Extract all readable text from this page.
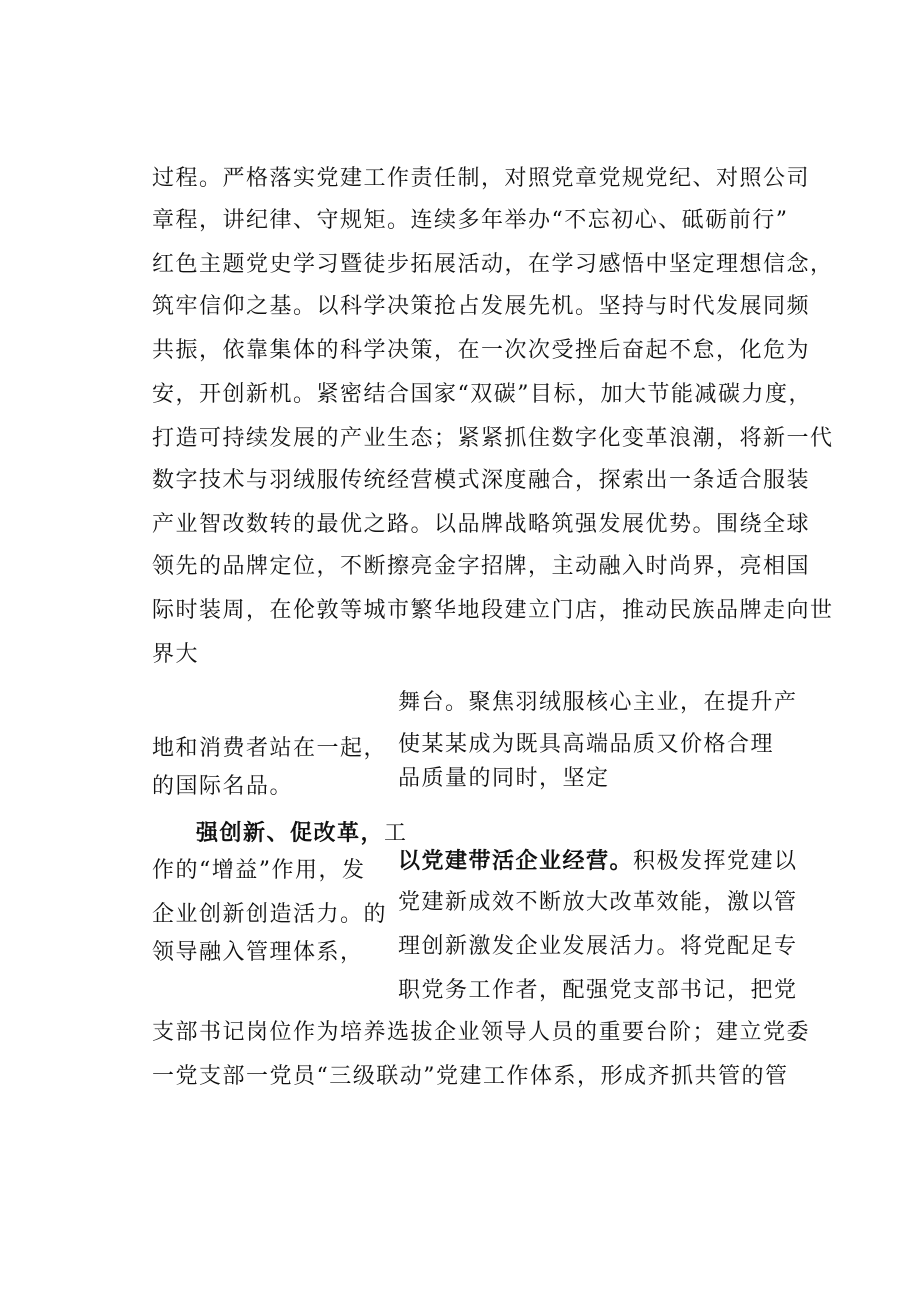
过程。严格落实党建工作责任制，对照党章党规党纪、对照公司
章程，讲纪律、守规矩。连续多年举办“不忘初心、砥砺前行”
红色主题党史学习暨徒步拓展活动，在学习感悟中坚定理想信念，
筑牢信仰之基。以科学决策抢占发展先机。坚持与时代发展同频
共振，依靠集体的科学决策，在一次次受挫后奋起不怠，化危为
安，开创新机。紧密结合国家“双碳”目标，加大节能减碳力度，
打造可持续发展的产业生态；紧紧抓住数字化变革浪潮，将新一代
数字技术与羽绒服传统经营模式深度融合，探索出一条适合服装
产业智改数转的最优之路。以品牌战略筑强发展优势。围绕全球
领先的品牌定位，不断擦亮金字招牌，主动融入时尚界，亮相国
际时装周，在伦敦等城市繁华地段建立门店，推动民族品牌走向世
界大
地和消费者站在一起，
的国际名品。
强创新、促改革，工
作的“增益”作用，发
企业创新创造活力。的
领导融入管理体系，
舞台。聚焦羽绒服核心主业，在提升产
使某某成为既具高端品质又价格合理
品质量的同时，坚定
以党建带活企业经营。积极发挥党建以
党建新成效不断放大改革效能，激以管
理创新激发企业发展活力。将党配足专
职党务工作者，配强党支部书记，把党
支部书记岗位作为培养选拔企业领导人员的重要台阶；建立党委
一党支部一党员“三级联动”党建工作体系，形成齐抓共管的管
